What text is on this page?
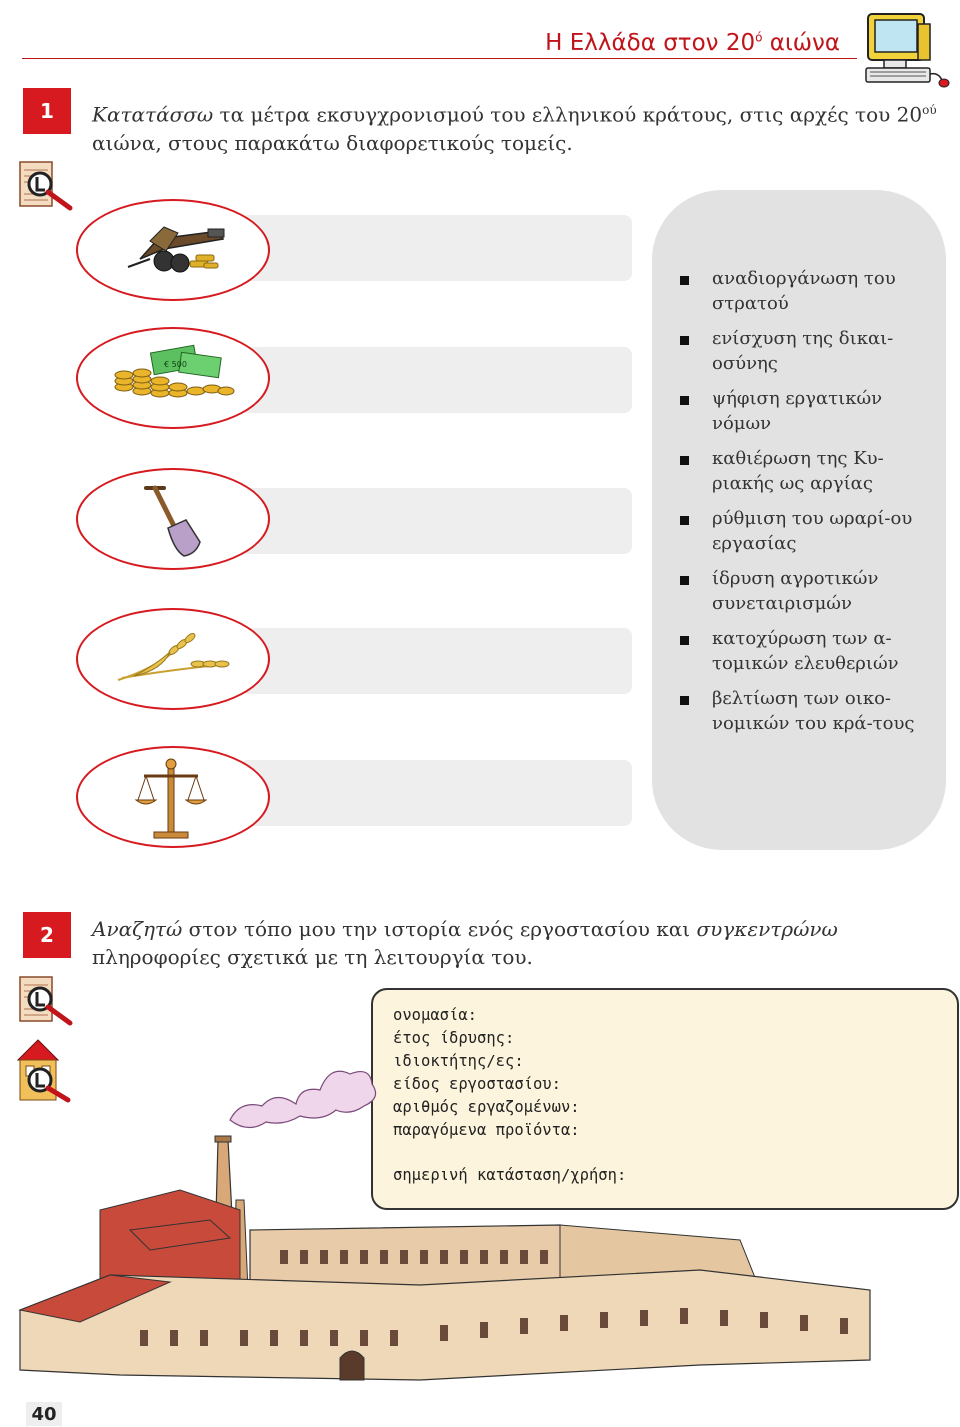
Η Ελλάδα στον $20^ό$ αιώνα
1	Κατατάσσω τα μέτρα εκσυγχρονισμού του ελληνικού κράτους, στις αρχές του $20^{oύ}$ αιώνα, στους παρακάτω διαφορετικούς τομείς.
€ 500
αναδιοργάνωση του στρατού
ενίσχυση της δικαι-οσύνης
ψήφιση εργατικών νόμων
καθιέρωση της Κυ-ριακής ως αργίας
ρύθμιση του ωραρί-ου εργασίας
ίδρυση αγροτικών συνεταιρισμών
κατοχύρωση των α-τομικών ελευθεριών
βελτίωση των οικο-νομικών του κρά-τους
2	Αναζητώ στον τόπο μου την ιστορία ενός εργοστασίου και συγκεντρώνω πληροφορίες σχετικά με τη λειτουργία του.
ονομασία:
έτος ίδρυσης:
ιδιοκτήτης/ες:
είδος εργοστασίου:
αριθμός εργαζομένων:
παραγόμενα προϊόντα:
σημερινή κατάσταση/χρήση:
40
